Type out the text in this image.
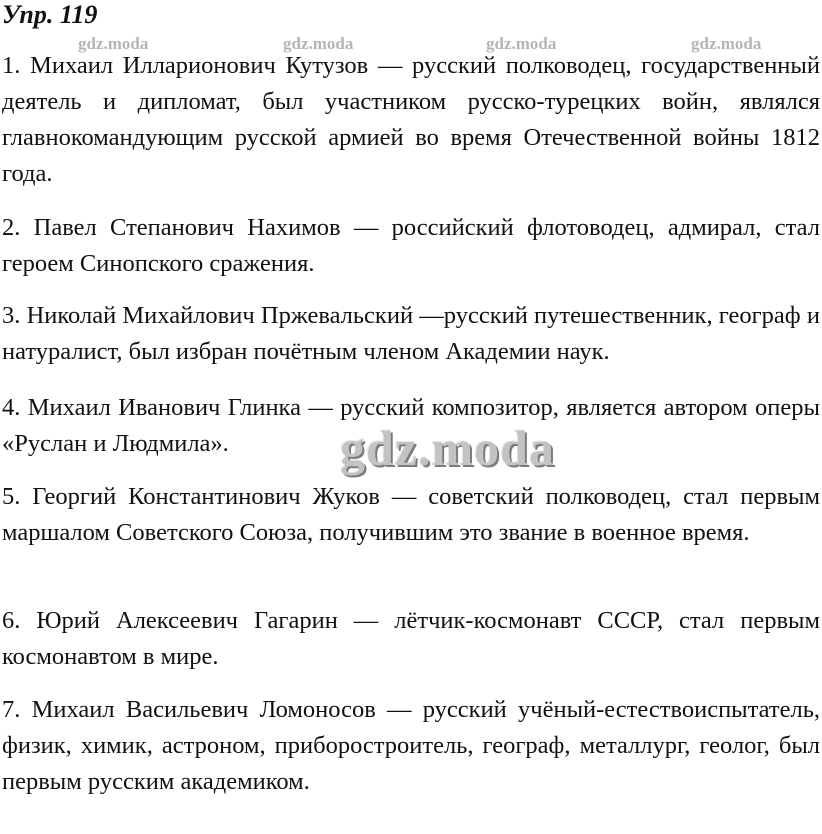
Упр. 119
gdz.moda	gdz.moda	gdz.moda	gdz.moda

1. Михаил Илларионович Кутузов — русский полководец, государственный деятель и дипломат, был участником русско-турецких войн, являлся главнокомандующим русской армией во время Отечественной войны 1812 года.

2. Павел Степанович Нахимов — российский флотоводец, адмирал, стал героем Синопского сражения.

3. Николай Михайлович Пржевальский —русский путешественник, географ и натуралист, был избран почётным членом Академии наук.

4. Михаил Иванович Глинка — русский композитор, является автором оперы «Руслан и Людмила».

5. Георгий Константинович Жуков — советский полководец, стал первым маршалом Советского Союза, получившим это звание в военное время.

6. Юрий Алексеевич Гагарин — лётчик-космонавт СССР, стал первым космонавтом в мире.

7. Михаил Васильевич Ломоносов — русский учёный-естествоиспытатель, физик, химик, астроном, приборостроитель, географ, металлург, геолог, был первым русским академиком.

gdz.moda
